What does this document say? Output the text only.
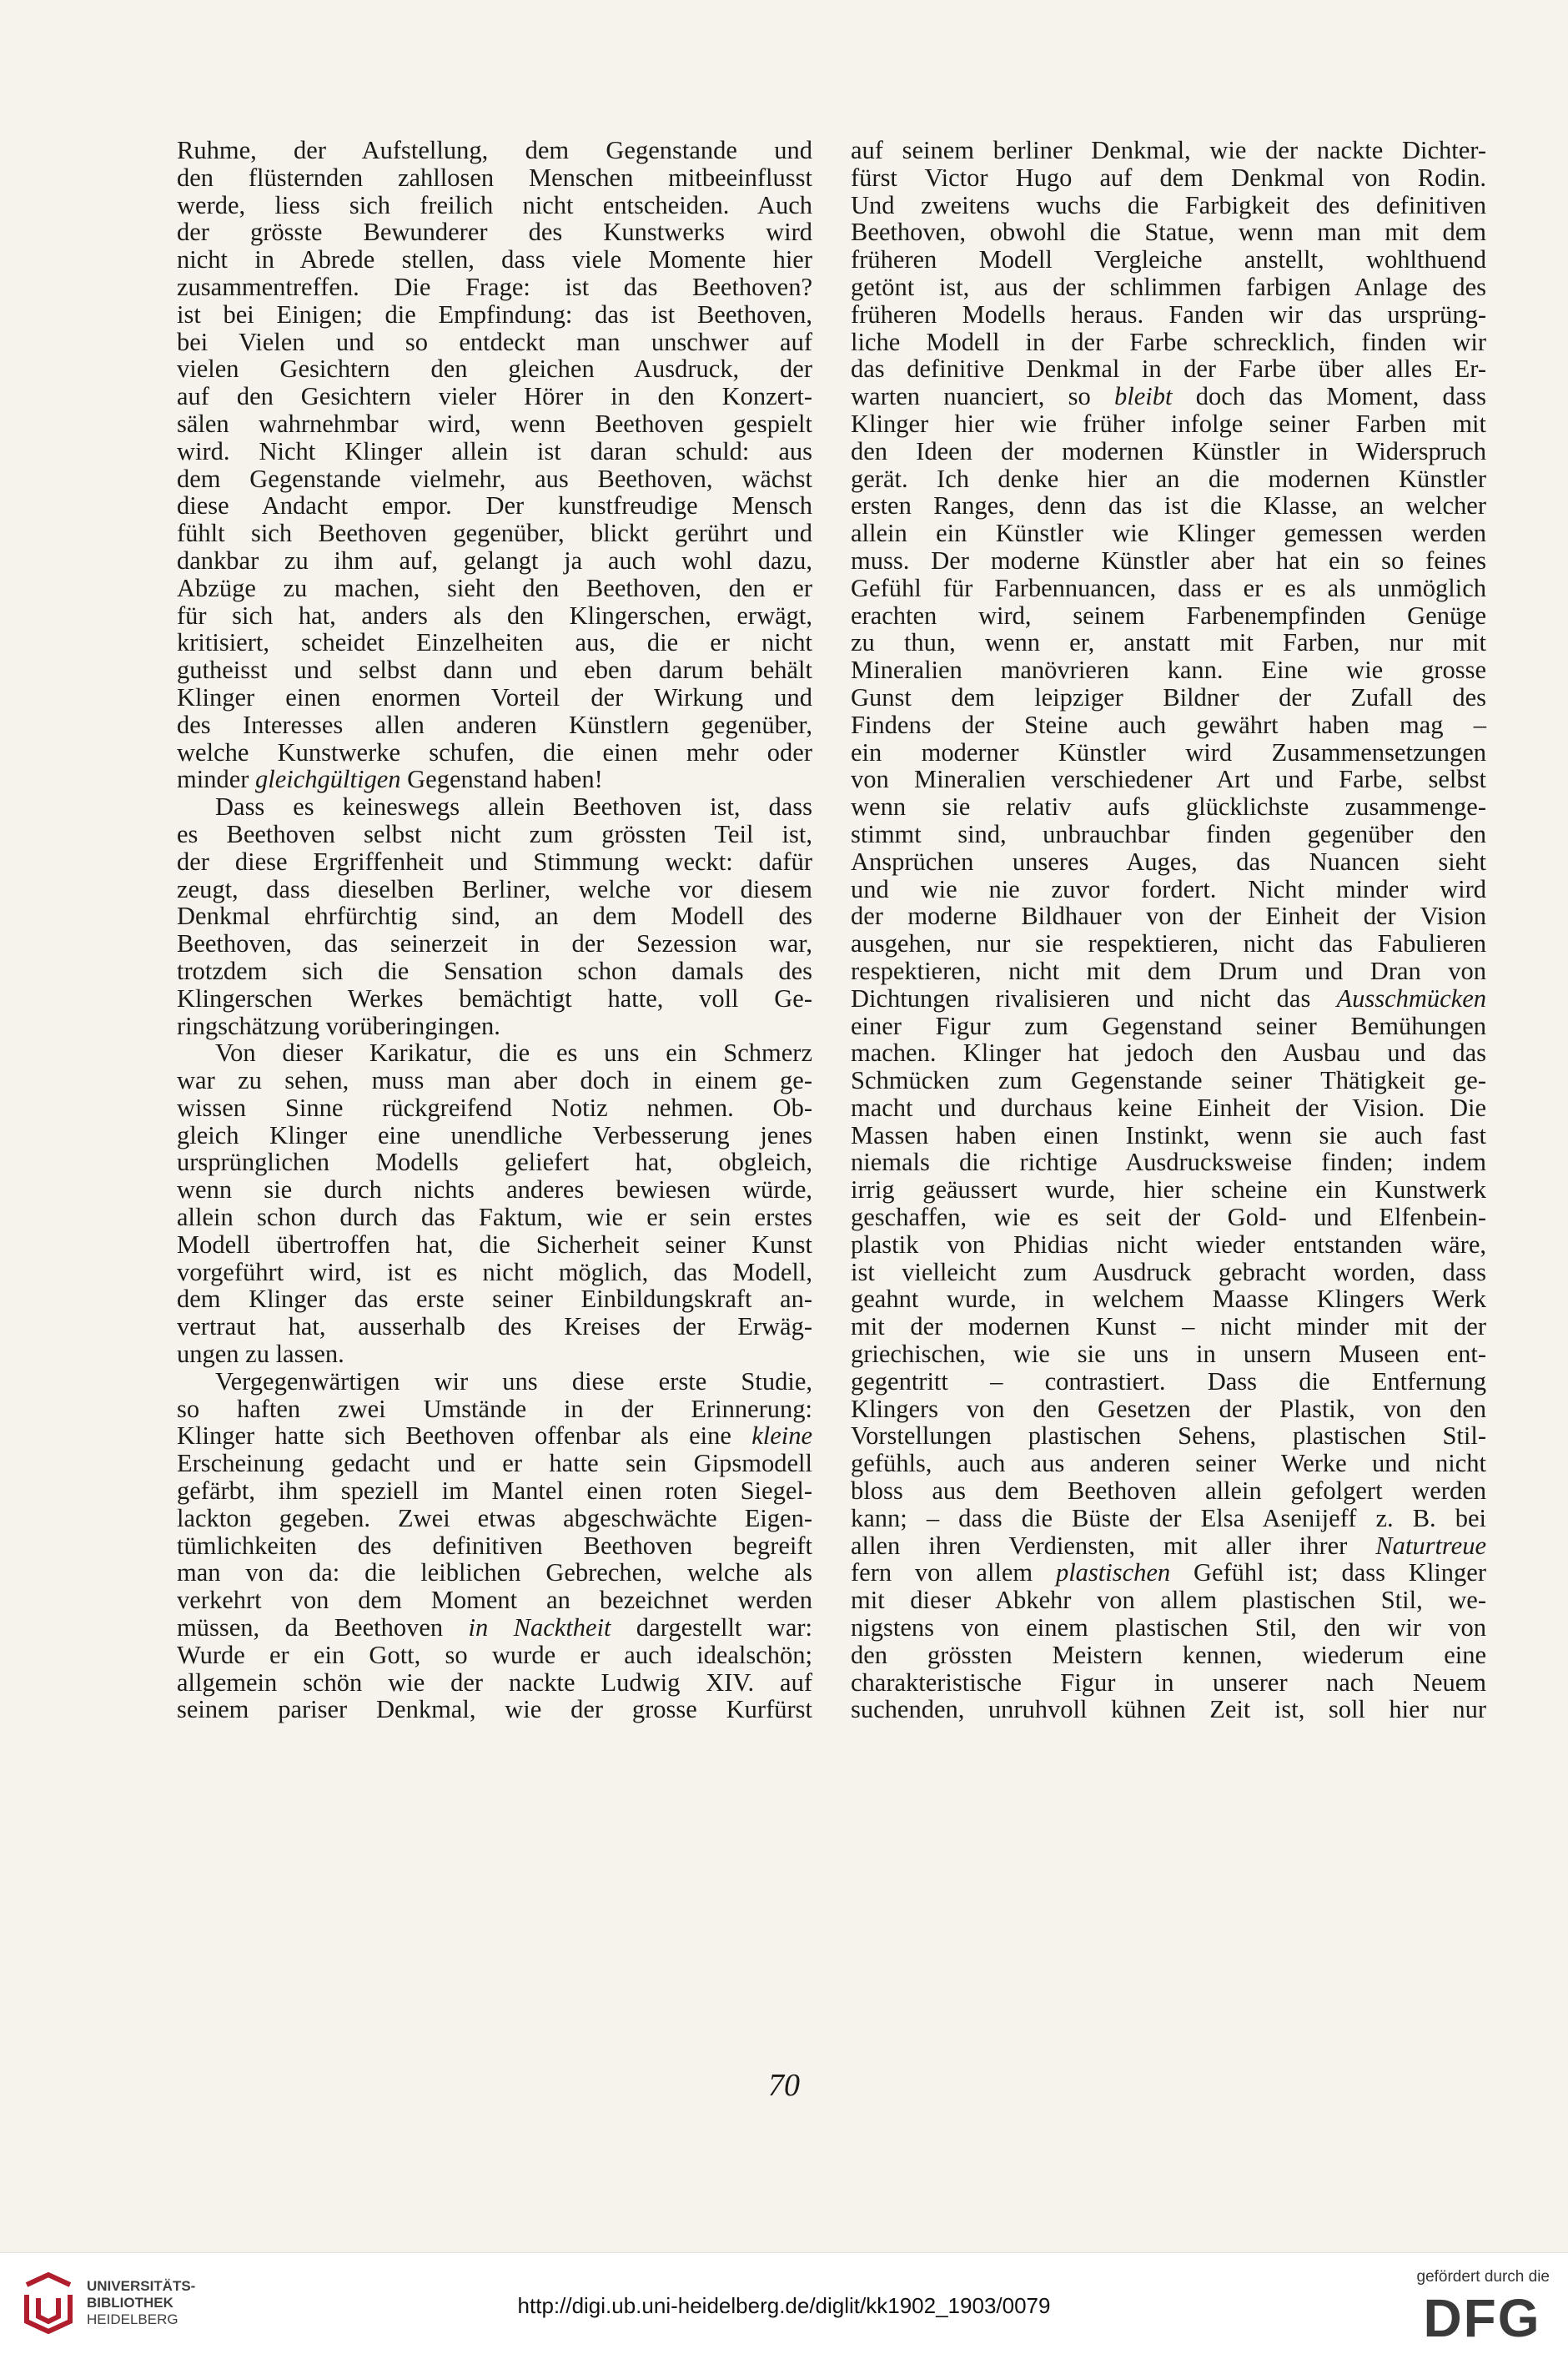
Ruhme, der Aufstellung, dem Gegenstande und
den flüsternden zahllosen Menschen mitbeeinflusst
werde, liess sich freilich nicht entscheiden. Auch
der grösste Bewunderer des Kunstwerks wird
nicht in Abrede stellen, dass viele Momente hier
zusammentreffen. Die Frage: ist das Beethoven?
ist bei Einigen; die Empfindung: das ist Beethoven,
bei Vielen und so entdeckt man unschwer auf
vielen Gesichtern den gleichen Ausdruck, der
auf den Gesichtern vieler Hörer in den Konzert-
sälen wahrnehmbar wird, wenn Beethoven gespielt
wird. Nicht Klinger allein ist daran schuld: aus
dem Gegenstande vielmehr, aus Beethoven, wächst
diese Andacht empor. Der kunstfreudige Mensch
fühlt sich Beethoven gegenüber, blickt gerührt und
dankbar zu ihm auf, gelangt ja auch wohl dazu,
Abzüge zu machen, sieht den Beethoven, den er
für sich hat, anders als den Klingerschen, erwägt,
kritisiert, scheidet Einzelheiten aus, die er nicht
gutheisst und selbst dann und eben darum behält
Klinger einen enormen Vorteil der Wirkung und
des Interesses allen anderen Künstlern gegenüber,
welche Kunstwerke schufen, die einen mehr oder
minder gleichgültigen Gegenstand haben!
Dass es keineswegs allein Beethoven ist, dass
es Beethoven selbst nicht zum grössten Teil ist,
der diese Ergriffenheit und Stimmung weckt: dafür
zeugt, dass dieselben Berliner, welche vor diesem
Denkmal ehrfürchtig sind, an dem Modell des
Beethoven, das seinerzeit in der Sezession war,
trotzdem sich die Sensation schon damals des
Klingerschen Werkes bemächtigt hatte, voll Ge-
ringschätzung vorüberingingen.
Von dieser Karikatur, die es uns ein Schmerz
war zu sehen, muss man aber doch in einem ge-
wissen Sinne rückgreifend Notiz nehmen. Ob-
gleich Klinger eine unendliche Verbesserung jenes
ursprünglichen Modells geliefert hat, obgleich,
wenn sie durch nichts anderes bewiesen würde,
allein schon durch das Faktum, wie er sein erstes
Modell übertroffen hat, die Sicherheit seiner Kunst
vorgeführt wird, ist es nicht möglich, das Modell,
dem Klinger das erste seiner Einbildungskraft an-
vertraut hat, ausserhalb des Kreises der Erwäg-
ungen zu lassen.
Vergegenwärtigen wir uns diese erste Studie,
so haften zwei Umstände in der Erinnerung:
Klinger hatte sich Beethoven offenbar als eine kleine
Erscheinung gedacht und er hatte sein Gipsmodell
gefärbt, ihm speziell im Mantel einen roten Siegel-
lackton gegeben. Zwei etwas abgeschwächte Eigen-
tümlichkeiten des definitiven Beethoven begreift
man von da: die leiblichen Gebrechen, welche als
verkehrt von dem Moment an bezeichnet werden
müssen, da Beethoven in Nacktheit dargestellt war:
Wurde er ein Gott, so wurde er auch idealschön;
allgemein schön wie der nackte Ludwig XIV. auf
seinem pariser Denkmal, wie der grosse Kurfürst
auf seinem berliner Denkmal, wie der nackte Dichter-
fürst Victor Hugo auf dem Denkmal von Rodin.
Und zweitens wuchs die Farbigkeit des definitiven
Beethoven, obwohl die Statue, wenn man mit dem
früheren Modell Vergleiche anstellt, wohlthuend
getönt ist, aus der schlimmen farbigen Anlage des
früheren Modells heraus. Fanden wir das ursprüng-
liche Modell in der Farbe schrecklich, finden wir
das definitive Denkmal in der Farbe über alles Er-
warten nuanciert, so bleibt doch das Moment, dass
Klinger hier wie früher infolge seiner Farben mit
den Ideen der modernen Künstler in Widerspruch
gerät. Ich denke hier an die modernen Künstler
ersten Ranges, denn das ist die Klasse, an welcher
allein ein Künstler wie Klinger gemessen werden
muss. Der moderne Künstler aber hat ein so feines
Gefühl für Farbennuancen, dass er es als unmöglich
erachten wird, seinem Farbenempfinden Genüge
zu thun, wenn er, anstatt mit Farben, nur mit
Mineralien manövrieren kann. Eine wie grosse
Gunst dem leipziger Bildner der Zufall des
Findens der Steine auch gewährt haben mag –
ein moderner Künstler wird Zusammensetzungen
von Mineralien verschiedener Art und Farbe, selbst
wenn sie relativ aufs glücklichste zusammenge-
stimmt sind, unbrauchbar finden gegenüber den
Ansprüchen unseres Auges, das Nuancen sieht
und wie nie zuvor fordert. Nicht minder wird
der moderne Bildhauer von der Einheit der Vision
ausgehen, nur sie respektieren, nicht das Fabulieren
respektieren, nicht mit dem Drum und Dran von
Dichtungen rivalisieren und nicht das Ausschmücken
einer Figur zum Gegenstand seiner Bemühungen
machen. Klinger hat jedoch den Ausbau und das
Schmücken zum Gegenstande seiner Thätigkeit ge-
macht und durchaus keine Einheit der Vision. Die
Massen haben einen Instinkt, wenn sie auch fast
niemals die richtige Ausdrucksweise finden; indem
irrig geäussert wurde, hier scheine ein Kunstwerk
geschaffen, wie es seit der Gold- und Elfenbein-
plastik von Phidias nicht wieder entstanden wäre,
ist vielleicht zum Ausdruck gebracht worden, dass
geahnt wurde, in welchem Maasse Klingers Werk
mit der modernen Kunst – nicht minder mit der
griechischen, wie sie uns in unsern Museen ent-
gegentritt – contrastiert. Dass die Entfernung
Klingers von den Gesetzen der Plastik, von den
Vorstellungen plastischen Sehens, plastischen Stil-
gefühls, auch aus anderen seiner Werke und nicht
bloss aus dem Beethoven allein gefolgert werden
kann; – dass die Büste der Elsa Asenijeff z. B. bei
allen ihren Verdiensten, mit aller ihrer Naturtreue
fern von allem plastischen Gefühl ist; dass Klinger
mit dieser Abkehr von allem plastischen Stil, we-
nigstens von einem plastischen Stil, den wir von
den grössten Meistern kennen, wiederum eine
charakteristische Figur in unserer nach Neuem
suchenden, unruhvoll kühnen Zeit ist, soll hier nur
70
UNIVERSITÄTS-
BIBLIOTHEK
HEIDELBERG
http://digi.ub.uni-heidelberg.de/diglit/kk1902_1903/0079
gefördert durch die
DFG
